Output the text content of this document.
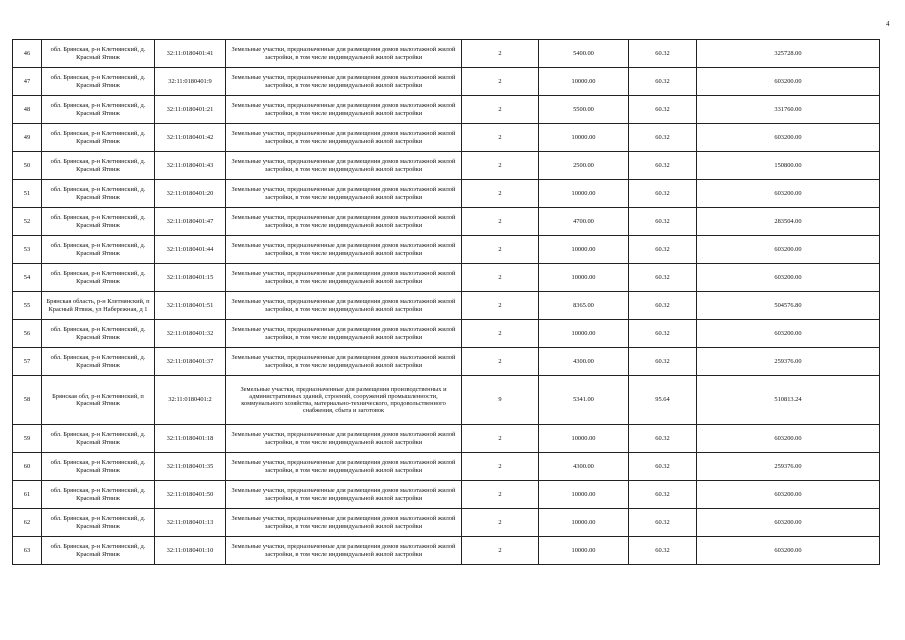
4
46	обл. Брянская, р-н Клетнянский, д. Красный Ятвиж	32:11:0180401:41	Земельные участки, предназначенные для размещения домов малоэтажной жилой застройки, в том числе индивидуальной жилой застройки	2	5400.00	60.32	325728.00
47	обл. Брянская, р-н Клетнянский, д. Красный Ятвиж	32:11:0180401:9	Земельные участки, предназначенные для размещения домов малоэтажной жилой застройки, в том числе индивидуальной жилой застройки	2	10000.00	60.32	603200.00
48	обл. Брянская, р-н Клетнянский, д. Красный Ятвиж	32:11:0180401:21	Земельные участки, предназначенные для размещения домов малоэтажной жилой застройки, в том числе индивидуальной жилой застройки	2	5500.00	60.32	331760.00
49	обл. Брянская, р-н Клетнянский, д. Красный Ятвиж	32:11:0180401:42	Земельные участки, предназначенные для размещения домов малоэтажной жилой застройки, в том числе индивидуальной жилой застройки	2	10000.00	60.32	603200.00
50	обл. Брянская, р-н Клетнянский, д. Красный Ятвиж	32:11:0180401:43	Земельные участки, предназначенные для размещения домов малоэтажной жилой застройки, в том числе индивидуальной жилой застройки	2	2500.00	60.32	150800.00
51	обл. Брянская, р-н Клетнянский, д. Красный Ятвиж	32:11:0180401:20	Земельные участки, предназначенные для размещения домов малоэтажной жилой застройки, в том числе индивидуальной жилой застройки	2	10000.00	60.32	603200.00
52	обл. Брянская, р-н Клетнянский, д. Красный Ятвиж	32:11:0180401:47	Земельные участки, предназначенные для размещения домов малоэтажной жилой застройки, в том числе индивидуальной жилой застройки	2	4700.00	60.32	283504.00
53	обл. Брянская, р-н Клетнянский, д. Красный Ятвиж	32:11:0180401:44	Земельные участки, предназначенные для размещения домов малоэтажной жилой застройки, в том числе индивидуальной жилой застройки	2	10000.00	60.32	603200.00
54	обл. Брянская, р-н Клетнянский, д. Красный Ятвиж	32:11:0180401:15	Земельные участки, предназначенные для размещения домов малоэтажной жилой застройки, в том числе индивидуальной жилой застройки	2	10000.00	60.32	603200.00
55	Брянская область, р-н Клетнянский, п Красный Ятвиж, ул Набережная, д 1	32:11:0180401:51	Земельные участки, предназначенные для размещения домов малоэтажной жилой застройки, в том числе индивидуальной жилой застройки	2	8365.00	60.32	504576.80
56	обл. Брянская, р-н Клетнянский, д. Красный Ятвиж	32:11:0180401:32	Земельные участки, предназначенные для размещения домов малоэтажной жилой застройки, в том числе индивидуальной жилой застройки	2	10000.00	60.32	603200.00
57	обл. Брянская, р-н Клетнянский, д. Красный Ятвиж	32:11:0180401:37	Земельные участки, предназначенные для размещения домов малоэтажной жилой застройки, в том числе индивидуальной жилой застройки	2	4300.00	60.32	259376.00
58	Брянская обл, р-н Клетнянский, п Красный Ятвиж	32:11:0180401:2	Земельные участки, предназначенные для размещения производственных и административных зданий, строений, сооружений промышленности, коммунального хозяйства, материально-технического, продовольственного снабжения, сбыта и заготовок	9	5341.00	95.64	510813.24
59	обл. Брянская, р-н Клетнянский, д. Красный Ятвиж	32:11:0180401:18	Земельные участки, предназначенные для размещения домов малоэтажной жилой застройки, в том числе индивидуальной жилой застройки	2	10000.00	60.32	603200.00
60	обл. Брянская, р-н Клетнянский, д. Красный Ятвиж	32:11:0180401:35	Земельные участки, предназначенные для размещения домов малоэтажной жилой застройки, в том числе индивидуальной жилой застройки	2	4300.00	60.32	259376.00
61	обл. Брянская, р-н Клетнянский, д. Красный Ятвиж	32:11:0180401:50	Земельные участки, предназначенные для размещения домов малоэтажной жилой застройки, в том числе индивидуальной жилой застройки	2	10000.00	60.32	603200.00
62	обл. Брянская, р-н Клетнянский, д. Красный Ятвиж	32:11:0180401:13	Земельные участки, предназначенные для размещения домов малоэтажной жилой застройки, в том числе индивидуальной жилой застройки	2	10000.00	60.32	603200.00
63	обл. Брянская, р-н Клетнянский, д. Красный Ятвиж	32:11:0180401:10	Земельные участки, предназначенные для размещения домов малоэтажной жилой застройки, в том числе индивидуальной жилой застройки	2	10000.00	60.32	603200.00
